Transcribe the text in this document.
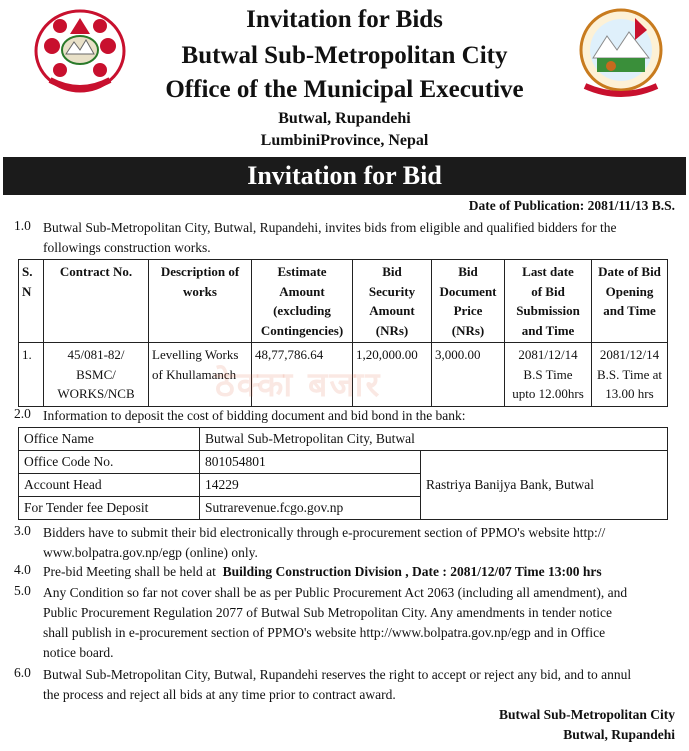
Invitation for Bids
Butwal Sub-Metropolitan City
Office of the Municipal Executive
Butwal, Rupandehi
LumbiniProvince, Nepal
Invitation for Bid
Date of Publication: 2081/11/13 B.S.
1.0 Butwal Sub-Metropolitan City, Butwal, Rupandehi, invites bids from eligible and qualified bidders for the
followings construction works.
S.
N	Contract No.	Description of
works	Estimate
Amount
(excluding
Contingencies)	Bid
Security
Amount
(NRs)	Bid
Document
Price
(NRs)	Last date
of Bid
Submission
and Time	Date of Bid
Opening
and Time
1.	45/081-82/
BSMC/
WORKS/NCB	Levelling Works
of Khullamanch	48,77,786.64	1,20,000.00	3,000.00	2081/12/14
B.S Time
upto 12.00hrs	2081/12/14
B.S. Time at
13.00 hrs
ठेक्का बजार
2.0 Information to deposit the cost of bidding document and bid bond in the bank:
Office Name	Butwal Sub-Metropolitan City, Butwal	
Office Code No.	801054801	Rastriya Banijya Bank, Butwal
Account Head	14229	
For Tender fee Deposit	Sutrarevenue.fcgo.gov.np	
3.0 Bidders have to submit their bid electronically through e-procurement section of PPMO's website http://
www.bolpatra.gov.np/egp (online) only.
4.0 Pre-bid Meeting shall be held at Building Construction Division , Date : 2081/12/07 Time 13:00 hrs
5.0 Any Condition so far not cover shall be as per Public Procurement Act 2063 (including all amendment), and
Public Procurement Regulation 2077 of Butwal Sub Metropolitan City. Any amendments in tender notice
shall publish in e-procurement section of PPMO's website http://www.bolpatra.gov.np/egp and in Office
notice board.
6.0 Butwal Sub-Metropolitan City, Butwal, Rupandehi reserves the right to accept or reject any bid, and to annul
the process and reject all bids at any time prior to contract award.
Butwal Sub-Metropolitan City
Butwal, Rupandehi
